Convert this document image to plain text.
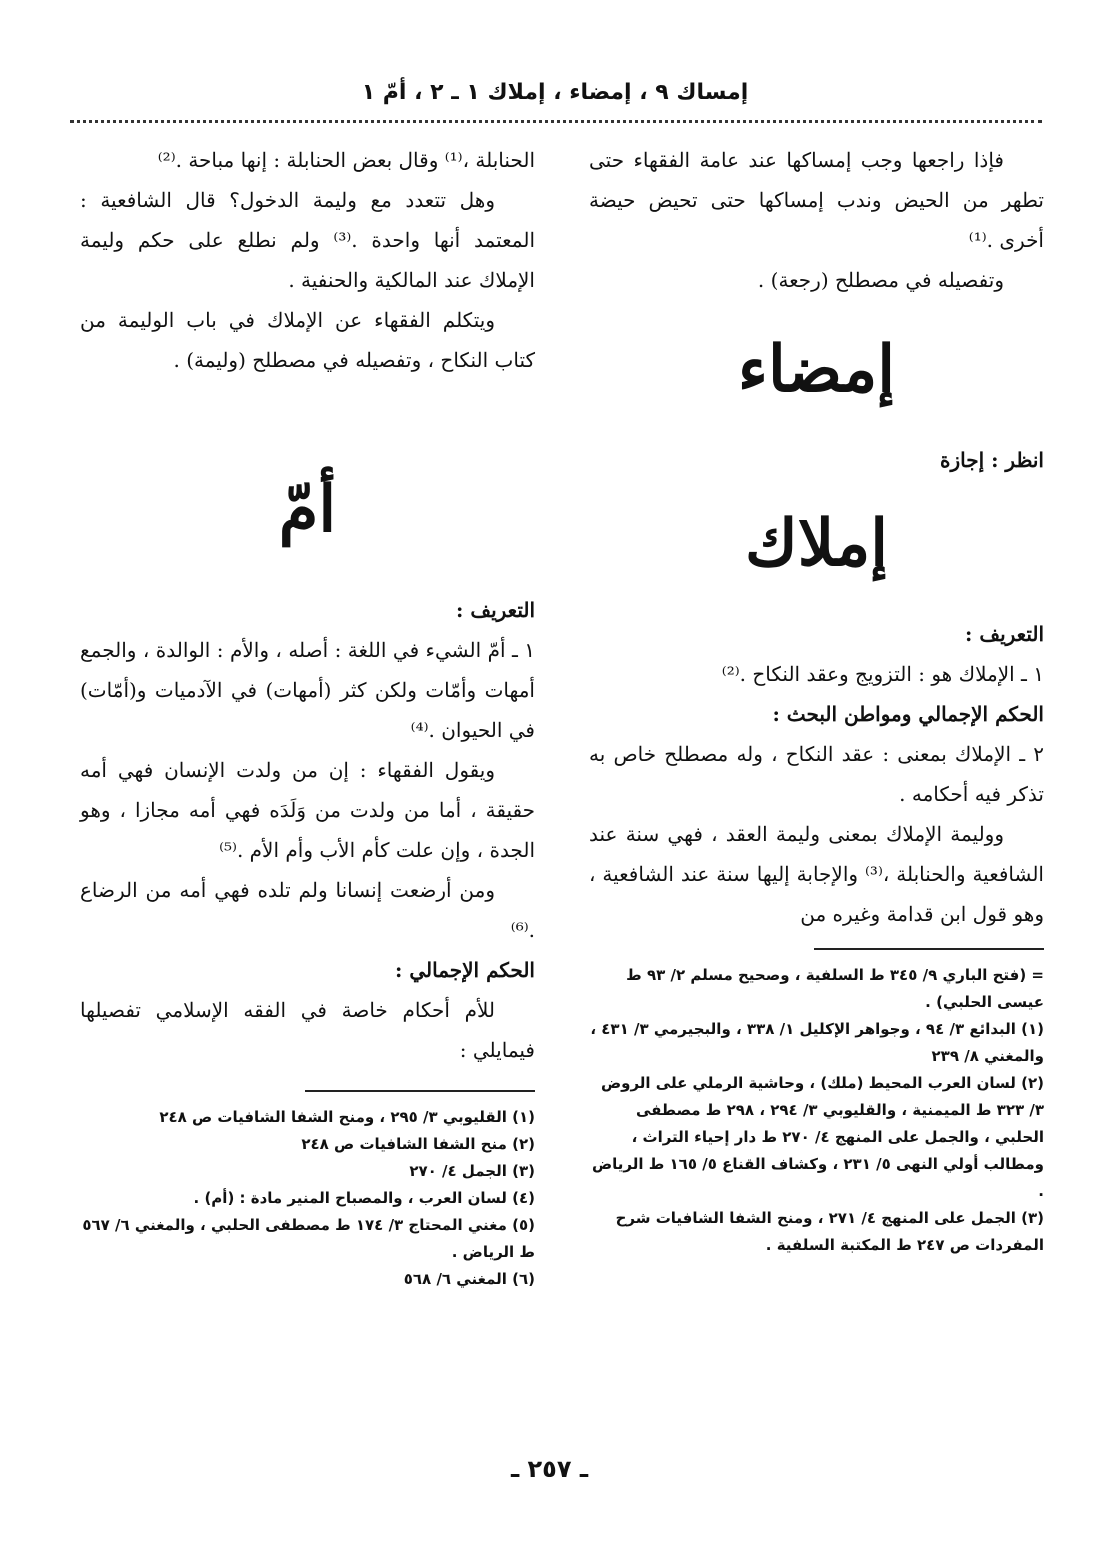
إمساك ٩ ، إمضاء ، إملاك ١ ـ ٢ ، أمّ ١

فإذا راجعها وجب إمساكها عند عامة الفقهاء حتى تطهر من الحيض وندب إمساكها حتى تحيض حيضة أخرى .⁽¹⁾

وتفصيله في مصطلح (رجعة) .

إمضاء

انظر : إجازة

إملاك

التعريف :

١ ـ الإملاك هو : التزويج وعقد النكاح .⁽²⁾

الحكم الإجمالي ومواطن البحث :

٢ ـ الإملاك بمعنى : عقد النكاح ، وله مصطلح خاص به تذكر فيه أحكامه .

ووليمة الإملاك بمعنى وليمة العقد ، فهي سنة عند الشافعية والحنابلة ،⁽³⁾ والإجابة إليها سنة عند الشافعية ، وهو قول ابن قدامة وغيره من

= (فتح الباري ٩/ ٣٤٥ ط السلفية ، وصحيح مسلم ٢/ ٩٣ ط عيسى الحلبي) .

(١) البدائع ٣/ ٩٤ ، وجواهر الإكليل ١/ ٣٣٨ ، والبجيرمي ٣/ ٤٣١ ، والمغني ٨/ ٢٣٩

(٢) لسان العرب المحيط (ملك) ، وحاشية الرملي على الروض ٣/ ٣٢٣ ط الميمنية ، والقليوبي ٣/ ٢٩٤ ، ٢٩٨ ط مصطفى الحلبي ، والجمل على المنهج ٤/ ٢٧٠ ط دار إحياء التراث ، ومطالب أولي النهى ٥/ ٢٣١ ، وكشاف القناع ٥/ ١٦٥ ط الرياض .

(٣) الجمل على المنهج ٤/ ٢٧١ ، ومنح الشفا الشافيات شرح المفردات ص ٢٤٧ ط المكتبة السلفية .

الحنابلة ،⁽¹⁾ وقال بعض الحنابلة : إنها مباحة .⁽²⁾

وهل تتعدد مع وليمة الدخول؟ قال الشافعية : المعتمد أنها واحدة .⁽³⁾ ولم نطلع على حكم وليمة الإملاك عند المالكية والحنفية .

ويتكلم الفقهاء عن الإملاك في باب الوليمة من كتاب النكاح ، وتفصيله في مصطلح (وليمة) .

أمّ

التعريف :

١ ـ أمّ الشيء في اللغة : أصله ، والأم : الوالدة ، والجمع أمهات وأمّات ولكن كثر (أمهات) في الآدميات و(أمّات) في الحيوان .⁽⁴⁾

ويقول الفقهاء : إن من ولدت الإنسان فهي أمه حقيقة ، أما من ولدت من وَلَدَه فهي أمه مجازا ، وهو الجدة ، وإن علت كأم الأب وأم الأم .⁽⁵⁾

ومن أرضعت إنسانا ولم تلده فهي أمه من الرضاع .⁽⁶⁾

الحكم الإجمالي :

للأم أحكام خاصة في الفقه الإسلامي تفصيلها فيمايلي :

(١) القليوبي ٣/ ٢٩٥ ، ومنح الشفا الشافيات ص ٢٤٨

(٢) منح الشفا الشافيات ص ٢٤٨

(٣) الجمل ٤/ ٢٧٠

(٤) لسان العرب ، والمصباح المنير مادة : (أم) .

(٥) مغني المحتاج ٣/ ١٧٤ ط مصطفى الحلبي ، والمغني ٦/ ٥٦٧ ط الرياض .

(٦) المغني ٦/ ٥٦٨

ـ ٢٥٧ ـ
